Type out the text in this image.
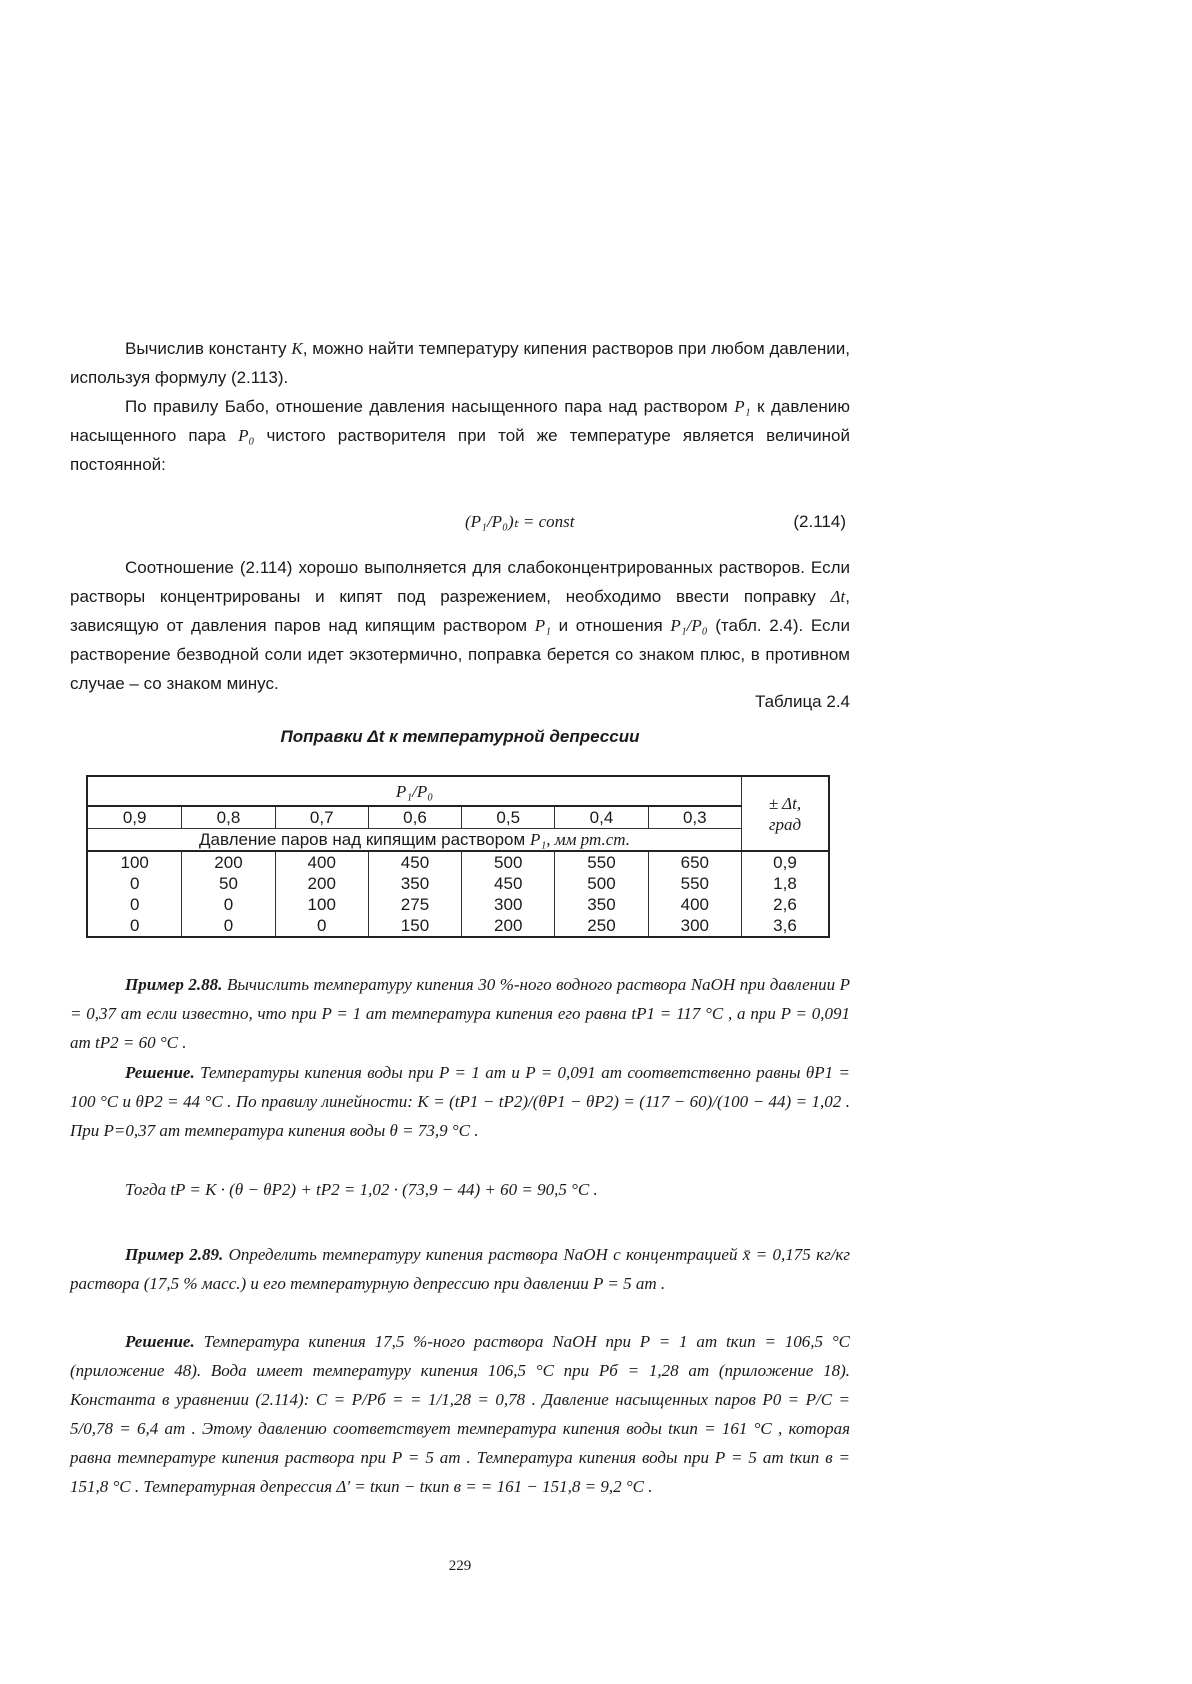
Вычислив константу K, можно найти температуру кипения растворов при любом давлении, используя формулу (2.113).
По правилу Бабо, отношение давления насыщенного пара над раствором P₁ к давлению насыщенного пара P₀ чистого растворителя при той же температуре является величиной постоянной:
(P₁/P₀)ₜ = const	(2.114)
Соотношение (2.114) хорошо выполняется для слабоконцентрированных растворов. Если растворы концентрированы и кипят под разрежением, необходимо ввести поправку Δt, зависящую от давления паров над кипящим раствором P₁ и отношения P₁/P₀ (табл. 2.4). Если растворение безводной соли идет экзотермично, поправка берется со знаком плюс, в противном случае – со знаком минус.
Таблица 2.4
Поправки Δt к температурной депрессии
P₁/P₀							± Δt,
град

0,9	0,8	0,7	0,6	0,5	0,4	0,3	
Давление паров над кипящим раствором P₁, мм рт.ст.							
100	200	400	450	500	550	650	0,9
0	50	200	350	450	500	550	1,8
0	0	100	275	300	350	400	2,6
0	0	0	150	200	250	300	3,6
Пример 2.88. Вычислить температуру кипения 30 %-ного водного раствора NaOH при давлении P = 0,37 ат если известно, что при P = 1 ат температура кипения его равна tP1 = 117 °C , а при P = 0,091 ат tP2 = 60 °C .
Решение. Температуры кипения воды при P = 1 ат и P = 0,091 ат соответственно равны θP1 = 100 °C и θP2 = 44 °C . По правилу линейности: K = (tP1 − tP2)/(θP1 − θP2) = (117 − 60)/(100 − 44) = 1,02 . При P=0,37 ат температура кипения воды θ = 73,9 °C .
Тогда tP = K · (θ − θP2) + tP2 = 1,02 · (73,9 − 44) + 60 = 90,5 °C .
Пример 2.89. Определить температуру кипения раствора NaOH с концентрацией x̄ = 0,175 кг/кг раствора (17,5 % масс.) и его температурную депрессию при давлении P = 5 ат .
Решение. Температура кипения 17,5 %-ного раствора NaOH при P = 1 ат tкип = 106,5 °C (приложение 48). Вода имеет температуру кипения 106,5 °C при Pб = 1,28 ат (приложение 18). Константа в уравнении (2.114): C = P/Pб = = 1/1,28 = 0,78 . Давление насыщенных паров P0 = P/C = 5/0,78 = 6,4 ат . Этому давлению соответствует температура кипения воды tкип = 161 °C , которая равна температуре кипения раствора при P = 5 ат . Температура кипения воды при P = 5 ат tкип в = 151,8 °C . Температурная депрессия Δ' = tкип − tкип в = = 161 − 151,8 = 9,2 °C .
229
